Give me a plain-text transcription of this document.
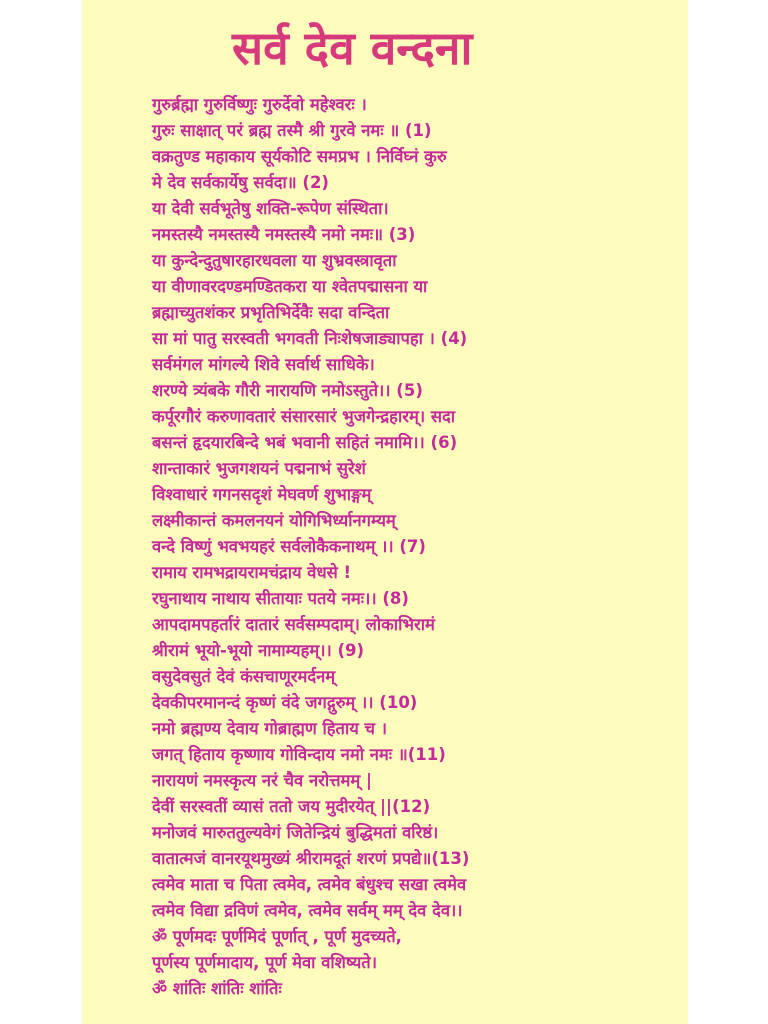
सर्व देव वन्दना
गुरुर्ब्रह्मा गुरुर्विष्णुः गुरुर्देवो महेश्वरः ।
गुरुः साक्षात् परं ब्रह्म तस्मै श्री गुरवे नमः ॥ (1)
वक्रतुण्ड महाकाय सूर्यकोटि समप्रभ । निर्विघ्नं कुरु
मे देव सर्वकार्येषु सर्वदा॥ (2)
या देवी सर्वभूतेषु शक्ति-रूपेण संस्थिता।
नमस्तस्यै नमस्तस्यै नमस्तस्यै नमो नमः॥ (3)
या कुन्देन्दुतुषारहारधवला या शुभ्रवस्त्रावृता
या वीणावरदण्डमण्डितकरा या श्वेतपद्मासना या
ब्रह्माच्युतशंकर प्रभृतिभिर्देवैः सदा वन्दिता
सा मां पातु सरस्वती भगवती निःशेषजाड्यापहा । (4)
सर्वमंगल मांगल्ये शिवे सर्वार्थ साधिके।
शरण्ये त्र्यंबके गौरी नारायणि नमोऽस्तुते।। (5)
कर्पूरगौरं करुणावतारं संसारसारं भुजगेन्द्रहारम्। सदा
बसन्तं हृदयारबिन्दे भबं भवानी सहितं नमामि।। (6)
शान्ताकारं भुजगशयनं पद्मनाभं सुरेशं
विश्वाधारं गगनसदृशं मेघवर्ण शुभाङ्गम्
लक्ष्मीकान्तं कमलनयनं योगिभिर्ध्यानगम्यम्
वन्दे विष्णुं भवभयहरं सर्वलोकैकनाथम् ।। (7)
रामाय रामभद्रायरामचंद्राय वेधसे !
रघुनाथाय नाथाय सीतायाः पतये नमः।। (8)
आपदामपहर्तारं दातारं सर्वसम्पदाम्। लोकाभिरामं
श्रीरामं भूयो-भूयो नामाम्यहम्।। (9)
वसुदेवसुतं देवं कंसचाणूरमर्दनम्
देवकीपरमानन्दं कृष्णं वंदे जगद्गुरुम् ।। (10)
नमो ब्रह्मण्य देवाय गोब्राह्मण हिताय च ।
जगत् हिताय कृष्णाय गोविन्दाय नमो नमः ॥(11)
नारायणं नमस्कृत्य नरं चैव नरोत्तमम् |
देवीं सरस्वतीं व्यासं ततो जय मुदीरयेत् ||(12)
मनोजवं मारुततुल्यवेगं जितेन्द्रियं बुद्धिमतां वरिष्ठं।
वातात्मजं वानरयूथमुख्यं श्रीरामदूतं शरणं प्रपद्ये॥(13)
त्वमेव माता च पिता त्वमेव, त्वमेव बंधुश्च सखा त्वमेव
त्वमेव विद्या द्रविणं त्वमेव, त्वमेव सर्वम् मम् देव देव।।
ॐ पूर्णमदः पूर्णमिदं पूर्णात् , पूर्ण मुदच्यते,
पूर्णस्य पूर्णमादाय, पूर्ण मेवा वशिष्यते।
ॐ शांतिः शांतिः शांतिः
